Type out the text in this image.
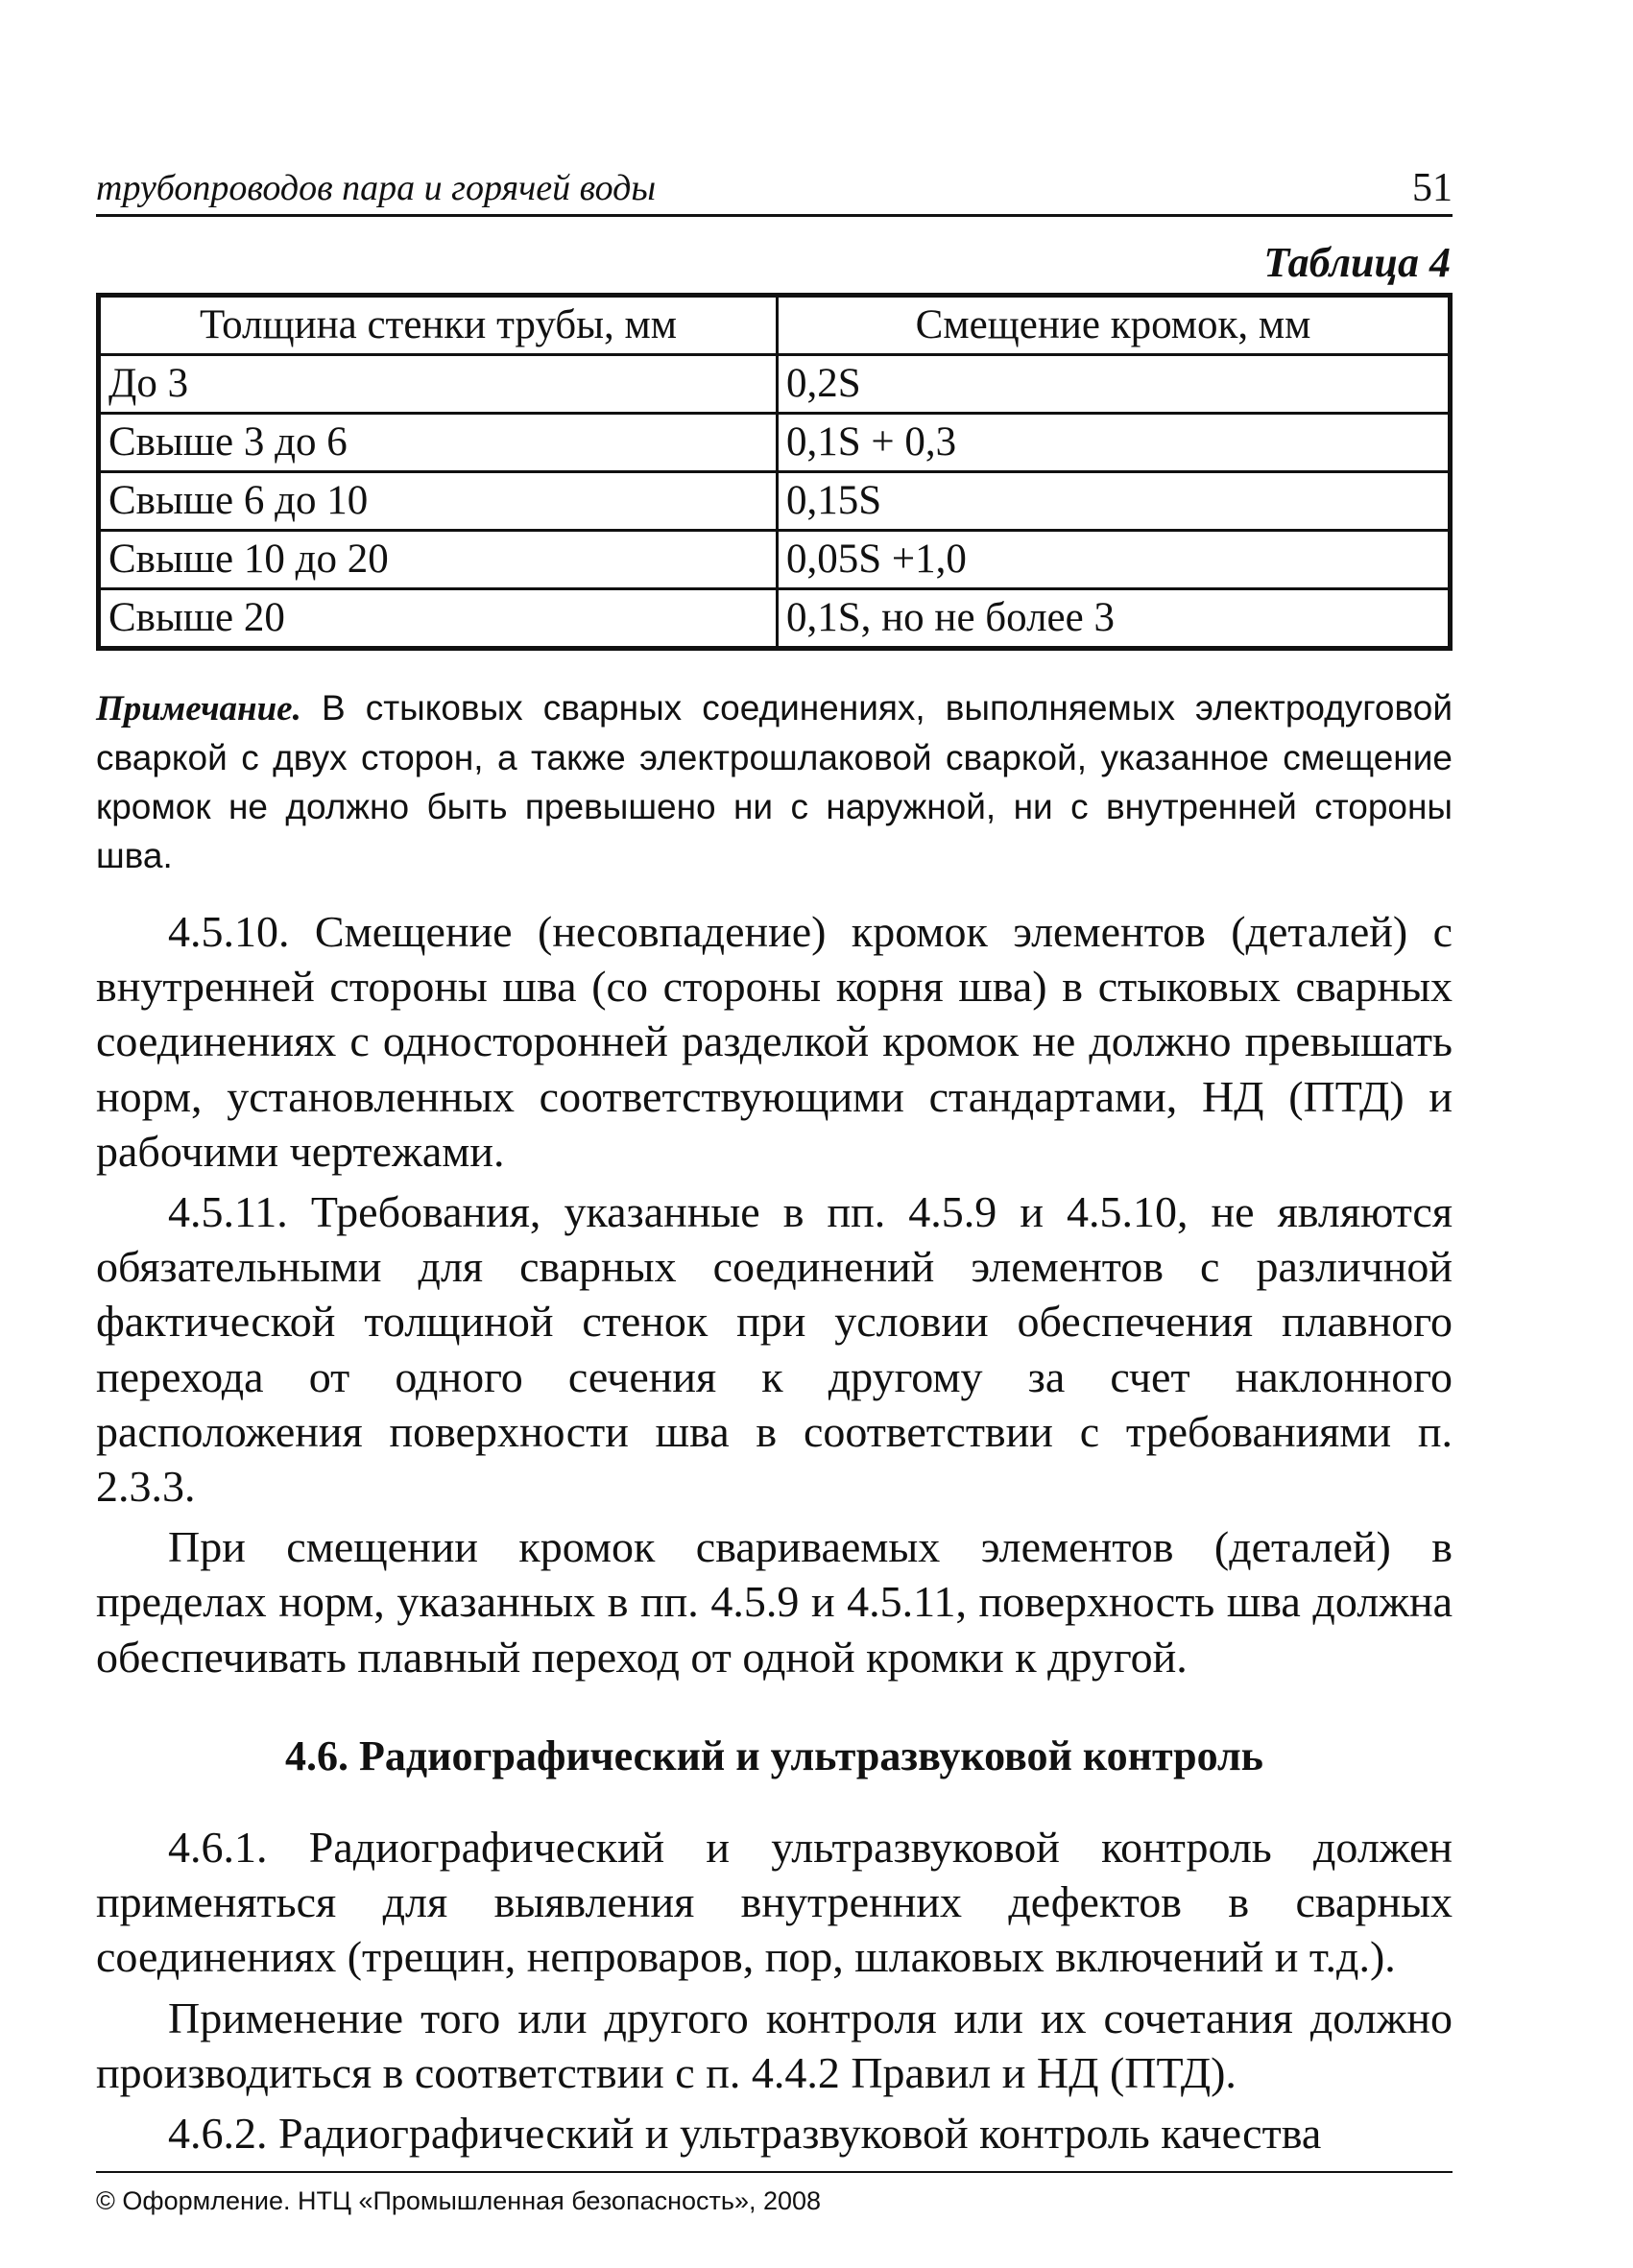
трубопроводов пара и горячей воды	51
Таблица 4
Толщина стенки трубы, мм	Смещение кромок, мм
До 3	0,2S
Свыше 3 до 6	0,1S + 0,3
Свыше 6 до 10	0,15S
Свыше 10 до 20	0,05S +1,0
Свыше 20	0,1S, но не более 3
Примечание. В стыковых сварных соединениях, выполняемых электродуговой сваркой с двух сторон, а также электрошлаковой сваркой, указанное смещение кромок не должно быть превышено ни с наружной, ни с внутренней стороны шва.

4.5.10. Смещение (несовпадение) кромок элементов (деталей) с внутренней стороны шва (со стороны корня шва) в стыковых сварных соединениях с односторонней разделкой кромок не должно превышать норм, установленных соответствующими стандартами, НД (ПТД) и рабочими чертежами.

4.5.11. Требования, указанные в пп. 4.5.9 и 4.5.10, не являются обязательными для сварных соединений элементов с различной фактической толщиной стенок при условии обеспечения плавного перехода от одного сечения к другому за счет наклонного расположения поверхности шва в соответствии с требованиями п. 2.3.3.

При смещении кромок свариваемых элементов (деталей) в пределах норм, указанных в пп. 4.5.9 и 4.5.11, поверхность шва должна обеспечивать плавный переход от одной кромки к другой.

4.6. Радиографический и ультразвуковой контроль

4.6.1. Радиографический и ультразвуковой контроль должен применяться для выявления внутренних дефектов в сварных соединениях (трещин, непроваров, пор, шлаковых включений и т.д.).

Применение того или другого контроля или их сочетания должно производиться в соответствии с п. 4.4.2 Правил и НД (ПТД).

4.6.2. Радиографический и ультразвуковой контроль качества

© Оформление. НТЦ «Промышленная безопасность», 2008
